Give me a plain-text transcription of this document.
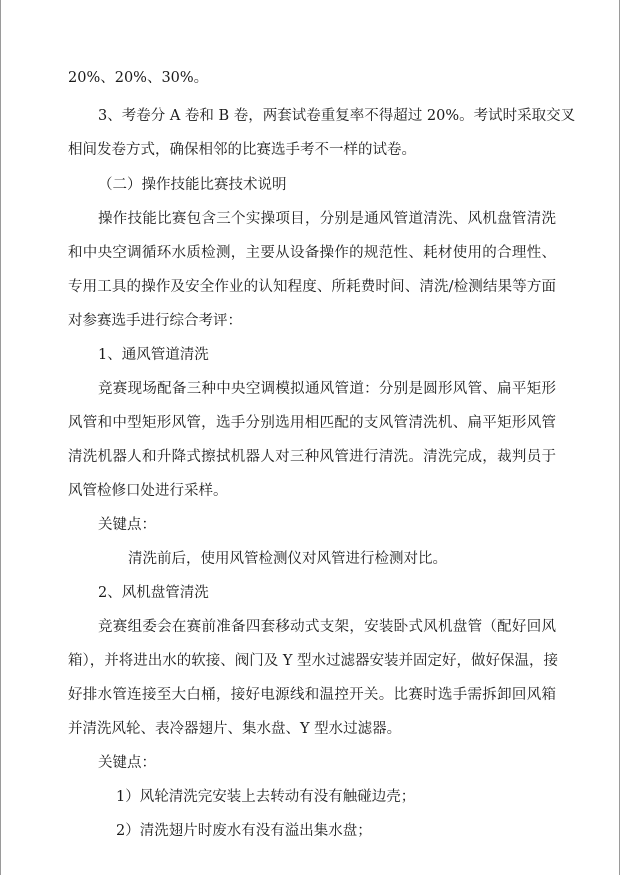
20%、20%、30%。
3、考卷分 A 卷和 B 卷，两套试卷重复率不得超过 20%。考试时采取交叉
相间发卷方式，确保相邻的比赛选手考不一样的试卷。
（二）操作技能比赛技术说明
操作技能比赛包含三个实操项目，分别是通风管道清洗、风机盘管清洗
和中央空调循环水质检测，主要从设备操作的规范性、耗材使用的合理性、
专用工具的操作及安全作业的认知程度、所耗费时间、清洗/检测结果等方面
对参赛选手进行综合考评：
1、通风管道清洗
竞赛现场配备三种中央空调模拟通风管道：分别是圆形风管、扁平矩形
风管和中型矩形风管，选手分别选用相匹配的支风管清洗机、扁平矩形风管
清洗机器人和升降式擦拭机器人对三种风管进行清洗。清洗完成，裁判员于
风管检修口处进行采样。
关键点：
清洗前后，使用风管检测仪对风管进行检测对比。
2、风机盘管清洗
竞赛组委会在赛前准备四套移动式支架，安装卧式风机盘管（配好回风
箱），并将进出水的软接、阀门及 Y 型水过滤器安装并固定好，做好保温，接
好排水管连接至大白桶，接好电源线和温控开关。比赛时选手需拆卸回风箱
并清洗风轮、表冷器翅片、集水盘、Y 型水过滤器。
关键点：
1）风轮清洗完安装上去转动有没有触碰边壳；
2）清洗翅片时废水有没有溢出集水盘；
